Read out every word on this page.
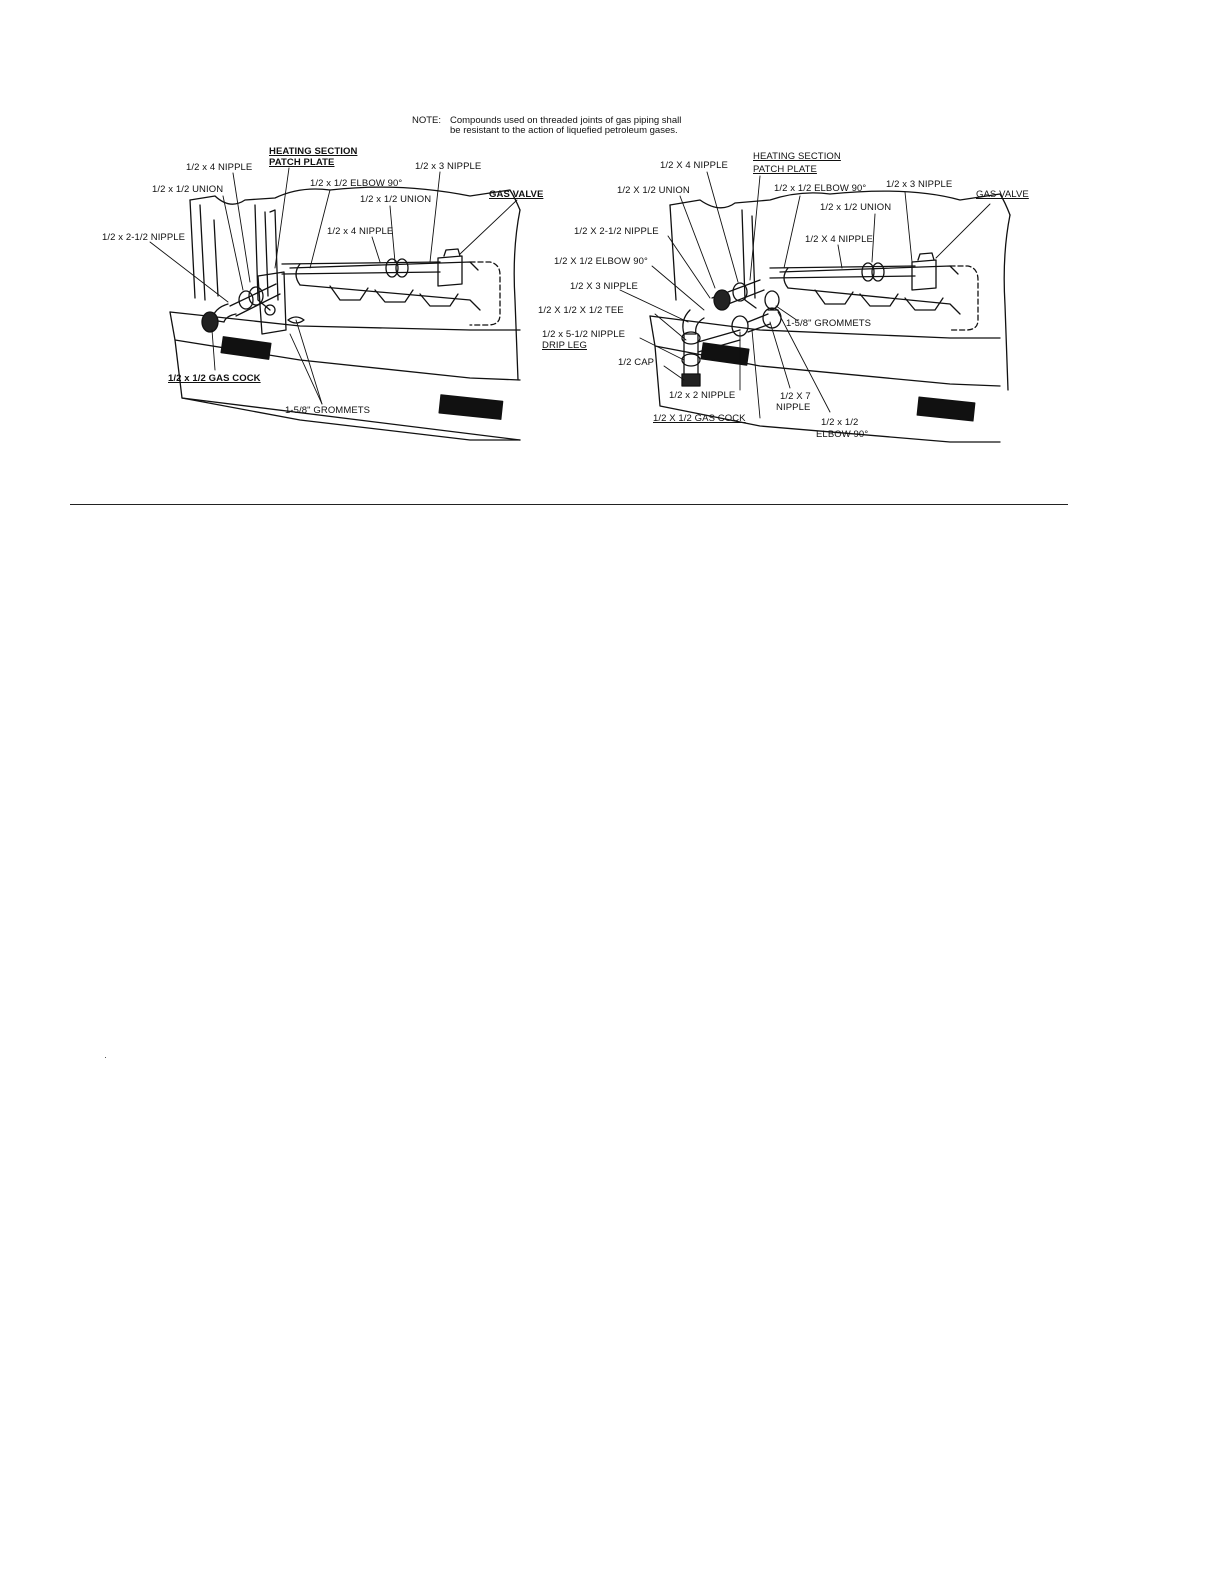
NOTE: Compounds used on threaded joints of gas piping shall
be resistant to the action of liquefied petroleum gases.
1/2 x 4 NIPPLE
HEATING SECTION
PATCH PLATE	1/2 x 3 NIPPLE
1/2 x 1/2 UNION
1/2 x 1/2 ELBOW 90°
1/2 x 1/2 UNION	GAS VALVE
1/2 x 2-1/2 NIPPLE
1/2 x 4 NIPPLE
1/2 x 1/2 GAS COCK
1-5/8" GROMMETS
1/2 X 4 NIPPLE
HEATING SECTION
PATCH PLATE
1/2 X 1/2 UNION	1/2 x 1/2 ELBOW 90° 1/2 x 3 NIPPLE
GAS VALVE
1/2 x 1/2 UNION
1/2 X 2-1/2 NIPPLE
1/2 X 4 NIPPLE
1/2 X 1/2 ELBOW 90°
1/2 X 3 NIPPLE
1/2 X 1/2 X 1/2 TEE
1-5/8" GROMMETS
1/2 x 5-1/2 NIPPLE
DRIP LEG
1/2 CAP
1/2 x 2 NIPPLE	1/2 X 7
NIPPLE
1/2 X 1/2 GAS COCK	1/2 x 1/2
ELBOW 90°
